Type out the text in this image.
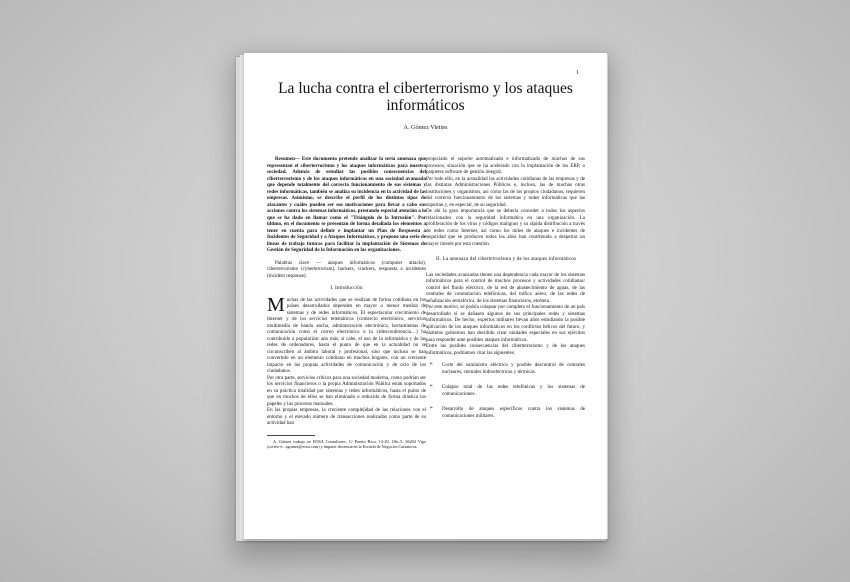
1
La lucha contra el ciberterrorismo y los ataques informáticos
A. Gómez Vieites

Resumen— Este documento pretende analizar la seria amenaza que representan el ciberterrorismo y los ataques informáticos para nuestra sociedad. Además de estudiar las posibles consecuencias del ciberterrorismo y de los ataques informáticos en una sociedad avanzada que depende totalmente del correcto funcionamiento de sus sistemas y redes informáticas, también se analiza su incidencia en la actividad de las empresas. Asimismo, se describe el perfil de los distintos tipos de atacantes y cuáles pueden ser sus motivaciones para llevar a cabo sus acciones contra los sistemas informáticos, prestando especial atención a lo que se ha dado en llamar como el "Triángulo de la Intrusión". Por último, en el documento se presentan de forma detallada los elementos a tener en cuenta para definir e implantar un Plan de Respuesta a Incidentes de Seguridad y a Ataques Informáticos, y propone una serie de líneas de trabajo futuras para facilitar la implantación de Sistemas de Gestión de Seguridad de la Información en las organizaciones.

Palabras clave — ataques informáticos (computer attacks), ciberterrorismo (cyberterrorism), hackers, crackers, respuesta a incidentes (incident response).

I. Introducción

Muchas de las actividades que se realizan de forma cotidiana en los países desarrollados dependen en mayor o menor medida de sistemas y de redes informáticos. El espectacular crecimiento de Internet y de los servicios telemáticos (comercio electrónico, servicios multimedia de banda ancha, administración electrónica, herramientas de comunicación como el correo electrónico o la videoconferencia…) ha contribuido a popularizar aún más, si cabe, el uso de la informática y de las redes de ordenadores, hasta el punto de que en la actualidad no se circunscriben al ámbito laboral y profesional, sino que incluso se han convertido en un elemento cotidiano en muchos hogares, con un creciente impacto en las propias actividades de comunicación y de ocio de los ciudadanos.

Por otra parte, servicios críticos para una sociedad moderna, como podrían ser los servicios financieros o la propia Administración Pública están soportados en su práctica totalidad por sistemas y redes informáticos, hasta el punto de que en muchos de ellos se han eliminado o reducido de forma drástica los papeles y los procesos manuales.

En las propias empresas, la creciente complejidad de las relaciones con el entorno y el elevado número de transacciones realizadas como parte de su actividad han

A. Gómez trabaja en EOSA Consultores, C/ Puerto Rico, 14-20, Ofic.5, 36204 Vigo (correo-e.: agomez@eosa.com) y imparte docencia en la Escuela de Negocios Caixanova.

propiciado el soporte automatizado e informatizado de muchos de sus procesos, situación que se ha acelerado con la implantación de los ERP, o paquetes software de gestión integral.

Por todo ello, en la actualidad las actividades cotidianas de las empresas y de las distintas Administraciones Públicas e, incluso, las de muchas otras instituciones y organismos, así como las de los propios ciudadanos, requieren del correcto funcionamiento de los sistemas y redes informáticas que las soportan y, en especial, de su seguridad.

De ahí la gran importancia que se debería conceder a todos los aspectos relacionados con la seguridad informática en una organización. La proliferación de los virus y códigos malignos y su rápida distribución a través de redes como Internet, así como los miles de ataques e incidentes de seguridad que se producen todos los años han contribuido a despertar un mayor interés por esta cuestión.

II. La amenaza del ciberterrorismo y de los ataques informáticos

Las sociedades avanzadas tienen una dependencia cada mayor de los sistemas informáticos para el control de muchos procesos y actividades cotidianas: control del fluido eléctrico, de la red de abastecimiento de aguas, de las centrales de conmutación telefónicas, del tráfico aéreo, de las redes de señalización semafórica, de los sistemas financieros, etcétera.

Por este motivo, se podría colapsar por completo el funcionamiento de un país desarrollado si se dañasen algunos de sus principales redes y sistemas informáticos. De hecho, expertos militares llevan años estudiando la posible aplicación de los ataques informáticos en los conflictos bélicos del futuro, y distintos gobiernos han decidido crear unidades especiales en sus ejércitos para responder ante posibles ataques informáticos.

Entre las posibles consecuencias del ciberterrorismo y de los ataques informáticos, podríamos citar las siguientes:

➢ Corte del suministro eléctrico y posible descontrol de centrales nucleares, centrales hidroeléctricas y térmicas.
➢ Colapso total de las redes telefónicas y los sistemas de comunicaciones.
➢ Desarrollo de ataques específicos contra los sistemas de comunicaciones militares.
